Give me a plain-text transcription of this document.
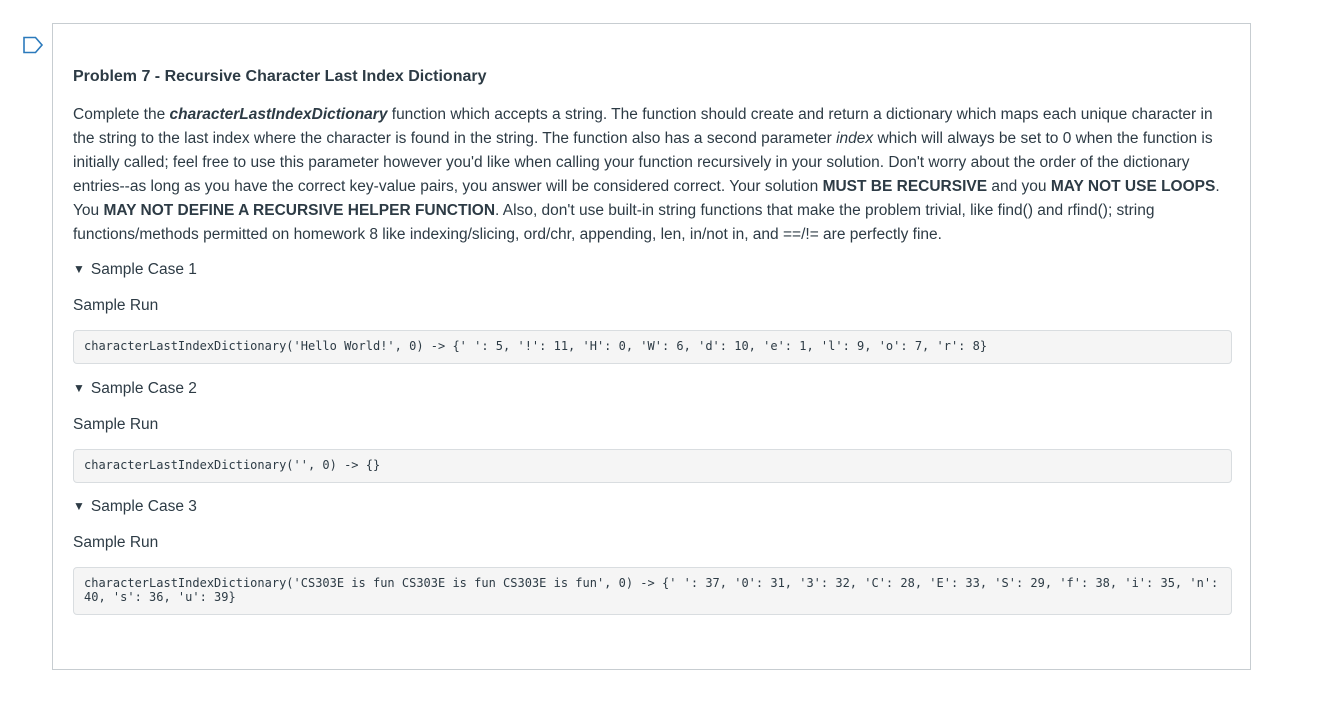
Problem 7 - Recursive Character Last Index Dictionary

Complete the characterLastIndexDictionary function which accepts a string. The function should create and return a dictionary which maps each unique character in the string to the last index where the character is found in the string. The function also has a second parameter index which will always be set to 0 when the function is initially called; feel free to use this parameter however you'd like when calling your function recursively in your solution. Don't worry about the order of the dictionary entries--as long as you have the correct key-value pairs, you answer will be considered correct. Your solution MUST BE RECURSIVE and you MAY NOT USE LOOPS. You MAY NOT DEFINE A RECURSIVE HELPER FUNCTION. Also, don't use built-in string functions that make the problem trivial, like find() and rfind(); string functions/methods permitted on homework 8 like indexing/slicing, ord/chr, appending, len, in/not in, and ==/!= are perfectly fine.

▼ Sample Case 1
Sample Run
characterLastIndexDictionary('Hello World!', 0) -> {' ': 5, '!': 11, 'H': 0, 'W': 6, 'd': 10, 'e': 1, 'l': 9, 'o': 7, 'r': 8}
▼ Sample Case 2
Sample Run
characterLastIndexDictionary('', 0) -> {}
▼ Sample Case 3
Sample Run
characterLastIndexDictionary('CS303E is fun CS303E is fun CS303E is fun', 0) -> {' ': 37, '0': 31, '3': 32, 'C': 28, 'E': 33, 'S': 29, 'f': 38, 'i': 35, 'n': 40, 's': 36, 'u': 39}
